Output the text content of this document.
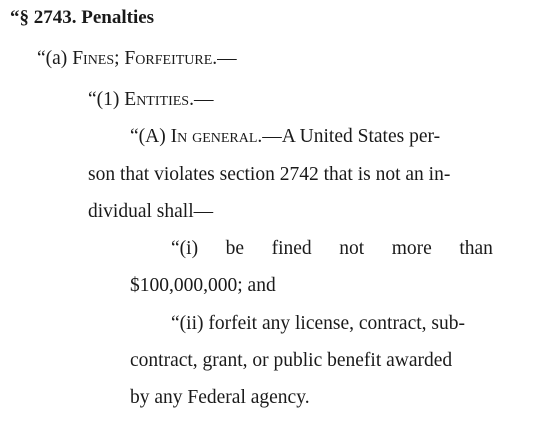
“§ 2743. Penalties
“(a) Fines; Forfeiture.—
“(1) Entities.—
“(A) In general.—A United States per-
son that violates section 2742 that is not an in-
dividual shall—
“(i) be fined not more than
$100,000,000; and
“(ii) forfeit any license, contract, sub-
contract, grant, or public benefit awarded
by any Federal agency.
